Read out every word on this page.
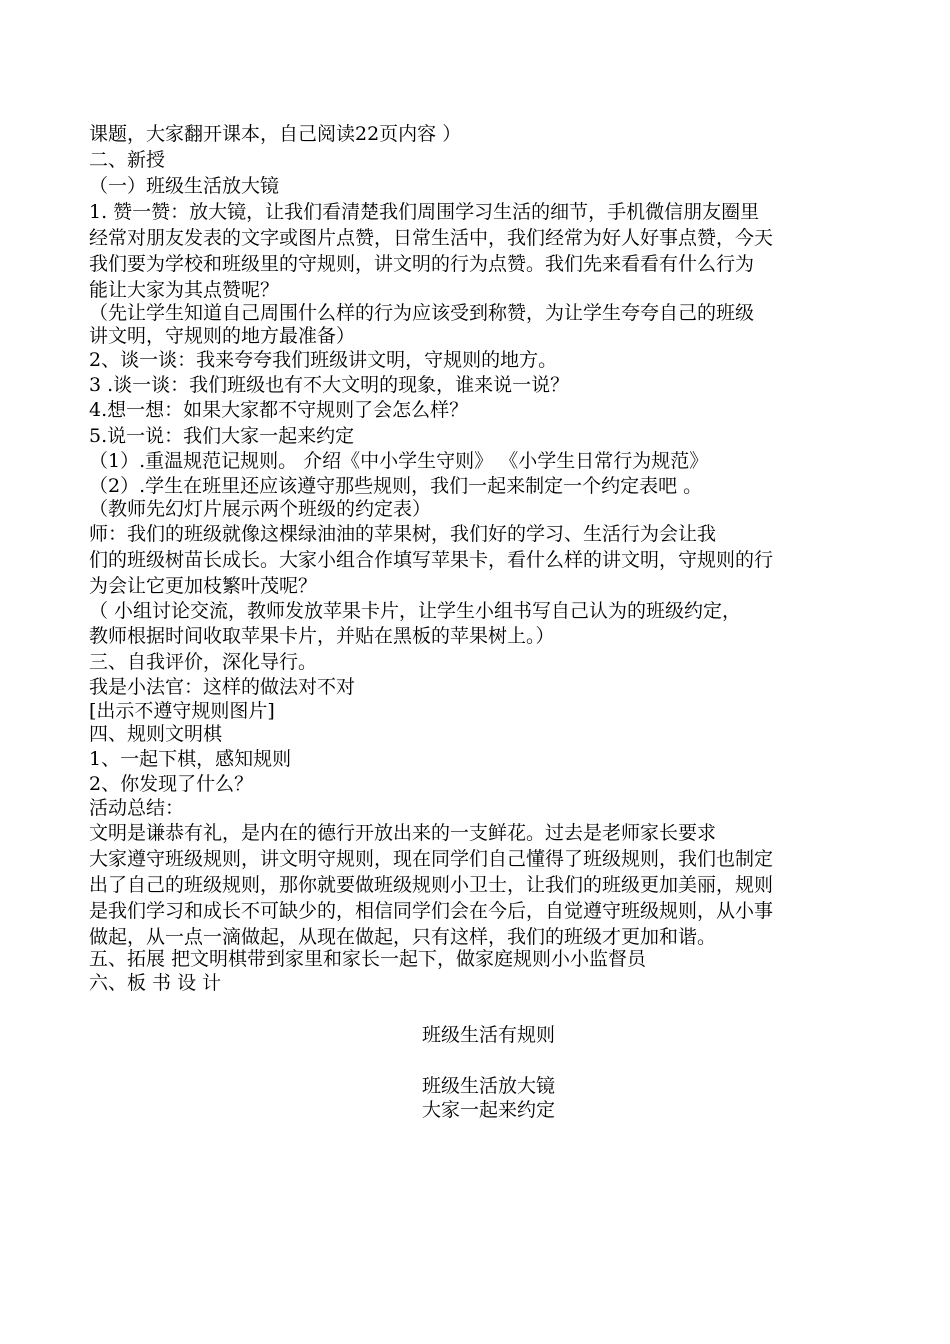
课题，大家翻开课本，自己阅读22页内容 ）
二、新授
（一）班级生活放大镜
1. 赞一赞：放大镜，让我们看清楚我们周围学习生活的细节，手机微信朋友圈里
经常对朋友发表的文字或图片点赞，日常生活中，我们经常为好人好事点赞，今天
我们要为学校和班级里的守规则，讲文明的行为点赞。我们先来看看有什么行为
能让大家为其点赞呢？
（先让学生知道自己周围什么样的行为应该受到称赞，为让学生夸夸自己的班级
讲文明，守规则的地方最准备）
2、谈一谈：我来夸夸我们班级讲文明，守规则的地方。
3 .谈一谈：我们班级也有不大文明的现象，谁来说一说？
4.想一想：如果大家都不守规则了会怎么样？
5.说一说：我们大家一起来约定
（1）.重温规范记规则。 介绍《中小学生守则》 《小学生日常行为规范》
（2）.学生在班里还应该遵守那些规则，我们一起来制定一个约定表吧 。
（教师先幻灯片展示两个班级的约定表）
师：我们的班级就像这棵绿油油的苹果树，我们好的学习、生活行为会让我
们的班级树苗长成长。大家小组合作填写苹果卡，看什么样的讲文明，守规则的行
为会让它更加枝繁叶茂呢？
（ 小组讨论交流，教师发放苹果卡片，让学生小组书写自己认为的班级约定，
教师根据时间收取苹果卡片，并贴在黑板的苹果树上。）
三、自我评价，深化导行。
我是小法官：这样的做法对不对
[出示不遵守规则图片]
四、规则文明棋
1、一起下棋，感知规则
2、你发现了什么？
活动总结：
文明是谦恭有礼，是内在的德行开放出来的一支鲜花。过去是老师家长要求
大家遵守班级规则，讲文明守规则，现在同学们自己懂得了班级规则，我们也制定
出了自己的班级规则，那你就要做班级规则小卫士，让我们的班级更加美丽，规则
是我们学习和成长不可缺少的，相信同学们会在今后，自觉遵守班级规则，从小事
做起，从一点一滴做起，从现在做起，只有这样，我们的班级才更加和谐。
五、拓展 把文明棋带到家里和家长一起下，做家庭规则小小监督员
六、板 书 设 计
班级生活有规则
班级生活放大镜
大家一起来约定
